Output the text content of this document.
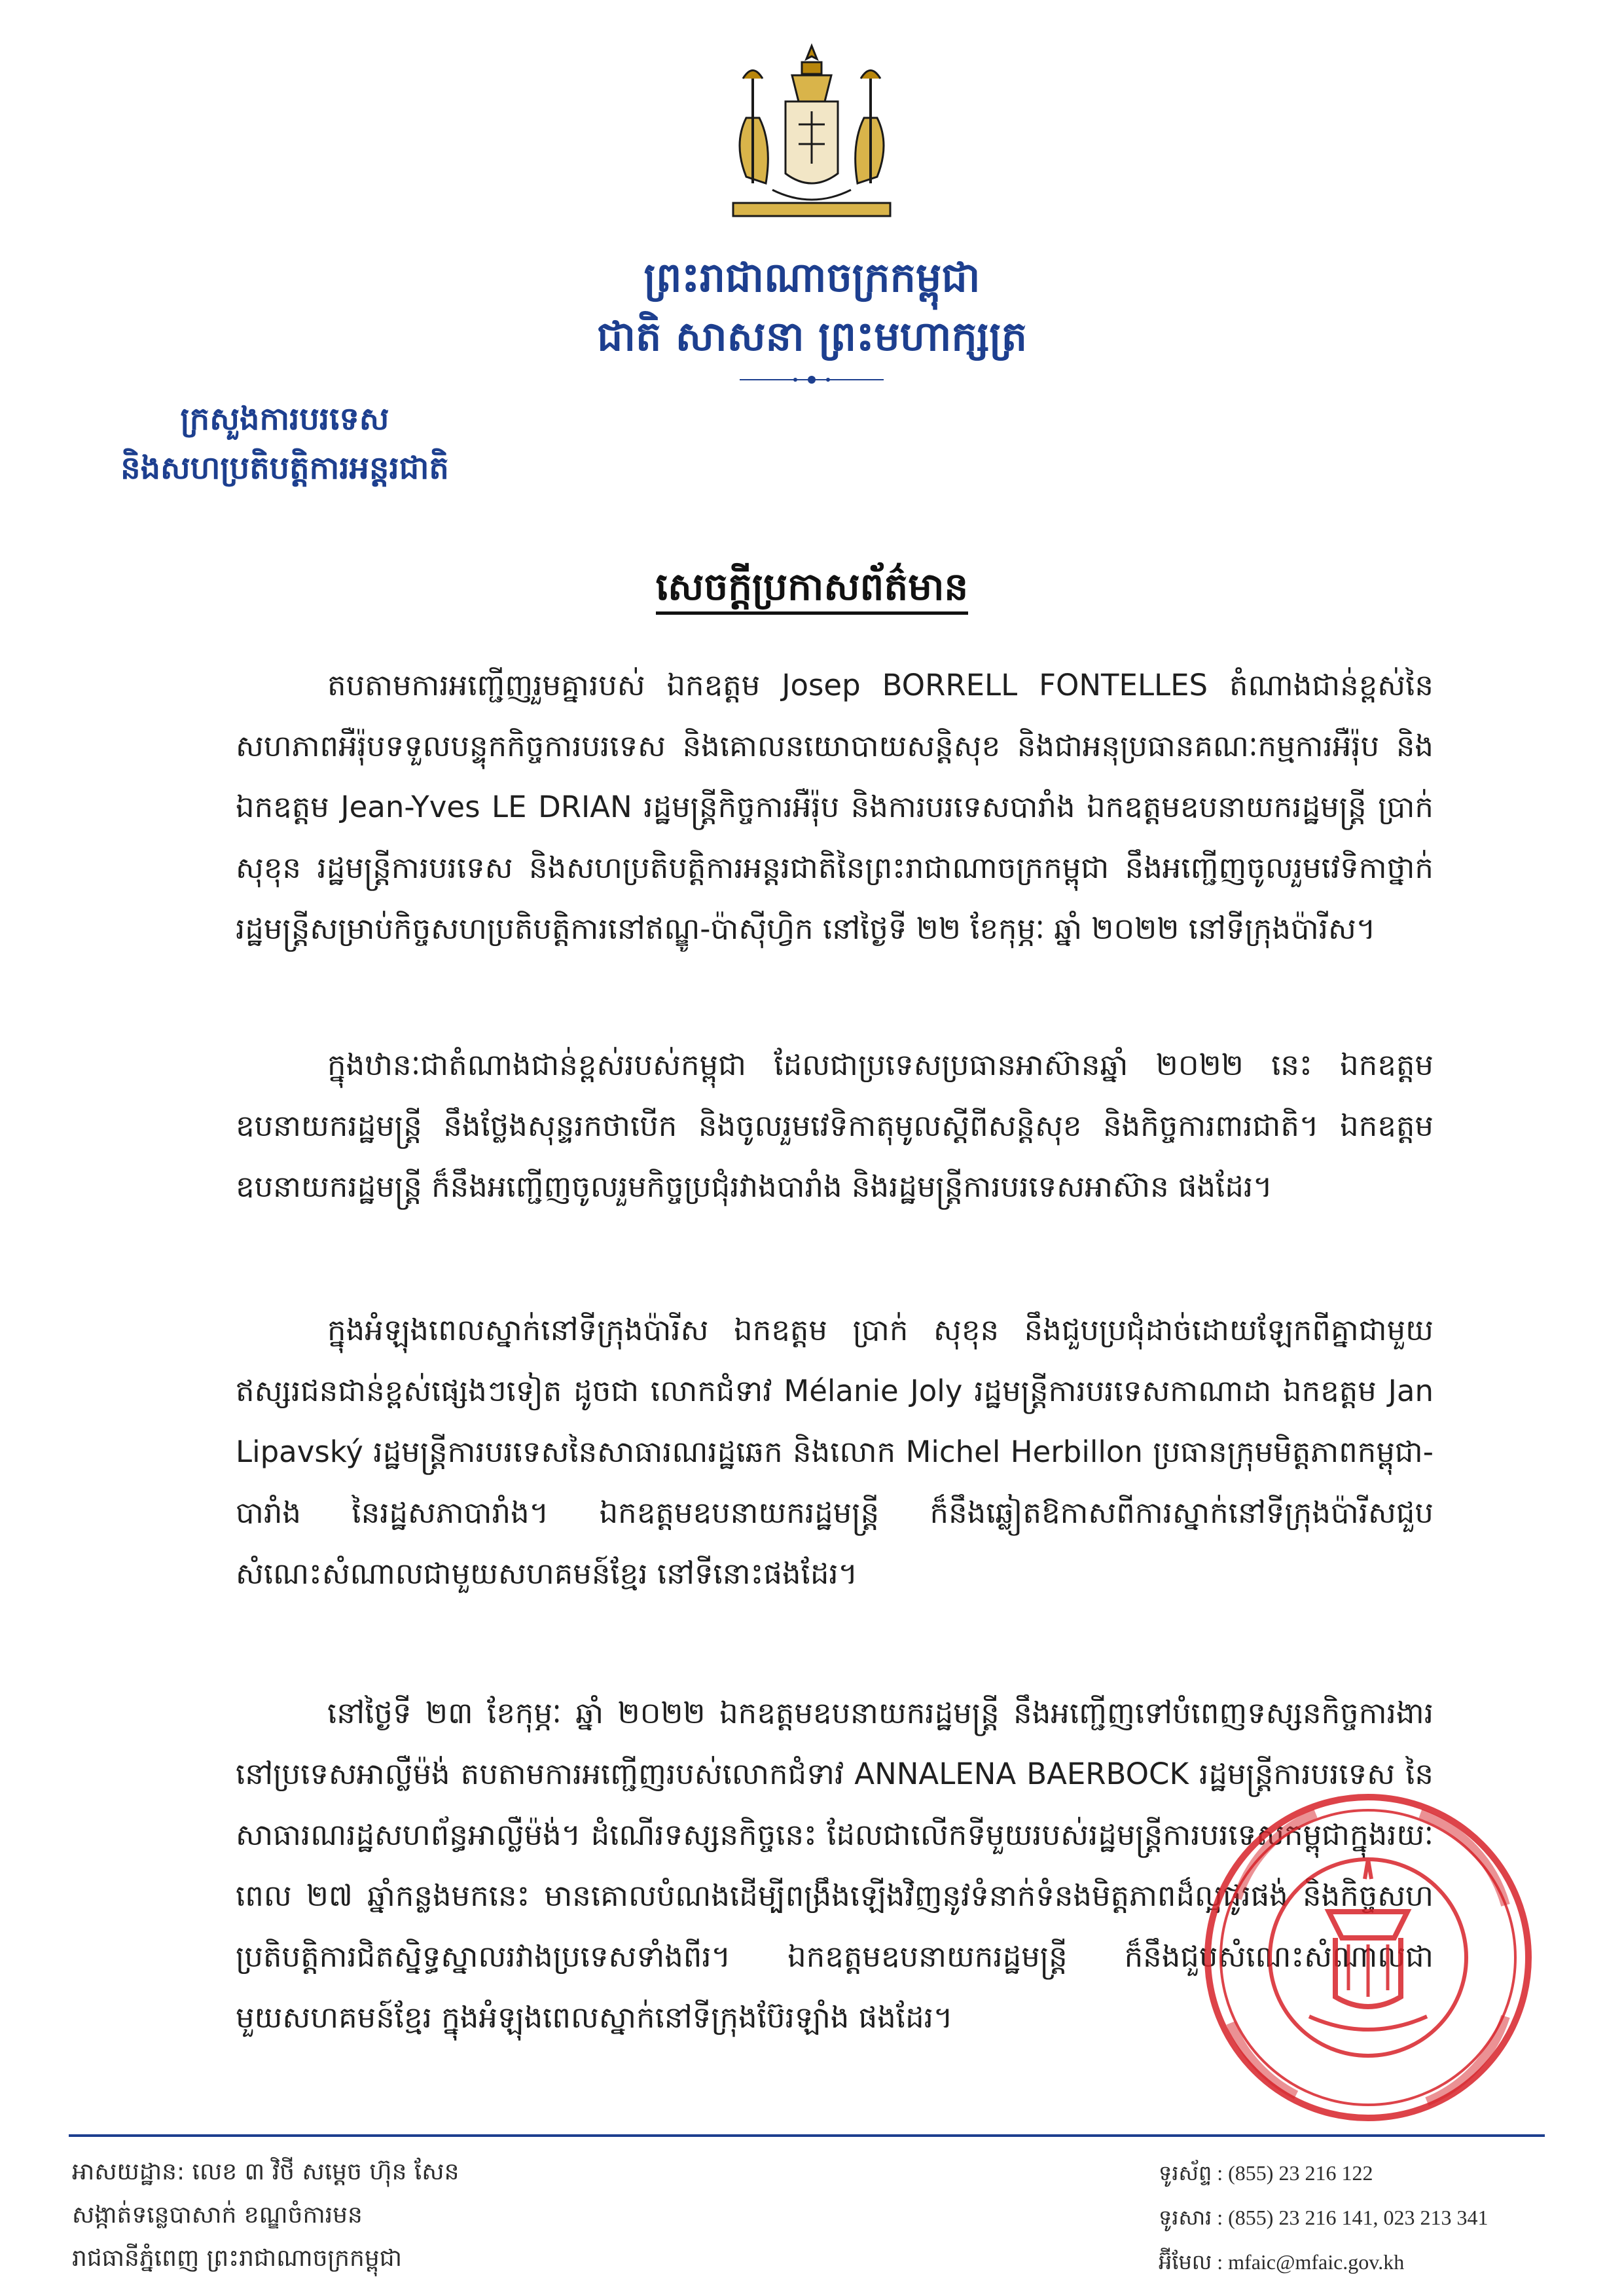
ព្រះរាជាណាចក្រកម្ពុជា
ជាតិ សាសនា ព្រះមហាក្សត្រ
ក្រសួងការបរទេស
និងសហប្រតិបត្តិការអន្តរជាតិ
សេចក្តីប្រកាសព័ត៌មាន
តបតាមការអញ្ជើញរួមគ្នារបស់ ឯកឧត្តម Josep BORRELL FONTELLES តំណាងជាន់ខ្ពស់នៃសហភាពអឺរ៉ុបទទួលបន្ទុកកិច្ចការបរទេស និងគោលនយោបាយសន្តិសុខ និងជាអនុប្រធានគណៈកម្មការអឺរ៉ុប និងឯកឧត្តម Jean-Yves LE DRIAN រដ្ឋមន្ត្រីកិច្ចការអឺរ៉ុប និងការបរទេសបារាំង ឯកឧត្តមឧបនាយករដ្ឋមន្ត្រី ប្រាក់ សុខុន រដ្ឋមន្ត្រីការបរទេស និងសហប្រតិបត្តិការអន្តរជាតិនៃព្រះរាជាណាចក្រកម្ពុជា នឹងអញ្ជើញចូលរួមវេទិកាថ្នាក់រដ្ឋមន្ត្រីសម្រាប់កិច្ចសហប្រតិបត្តិការនៅឥណ្ឌូ-ប៉ាស៊ីហ្វិក នៅថ្ងៃទី ២២ ខែកុម្ភៈ ឆ្នាំ ២០២២ នៅទីក្រុងប៉ារីស។
ក្នុងឋានៈជាតំណាងជាន់ខ្ពស់របស់កម្ពុជា ដែលជាប្រទេសប្រធានអាស៊ានឆ្នាំ ២០២២ នេះ ឯកឧត្តមឧបនាយករដ្ឋមន្ត្រី នឹងថ្លែងសុន្ទរកថាបើក និងចូលរួមវេទិកាតុមូលស្តីពីសន្តិសុខ និងកិច្ចការពារជាតិ។ ឯកឧត្តមឧបនាយករដ្ឋមន្ត្រី ក៏នឹងអញ្ជើញចូលរួមកិច្ចប្រជុំរវាងបារាំង និងរដ្ឋមន្ត្រីការបរទេសអាស៊ាន ផងដែរ។
ក្នុងអំឡុងពេលស្នាក់នៅទីក្រុងប៉ារីស ឯកឧត្តម ប្រាក់ សុខុន នឹងជួបប្រជុំដាច់ដោយឡែកពីគ្នាជាមួយឥស្សរជនជាន់ខ្ពស់ផ្សេងៗទៀត ដូចជា លោកជំទាវ Mélanie Joly រដ្ឋមន្ត្រីការបរទេសកាណាដា ឯកឧត្តម Jan Lipavský រដ្ឋមន្ត្រីការបរទេសនៃសាធារណរដ្ឋឆេក និងលោក Michel Herbillon ប្រធានក្រុមមិត្តភាពកម្ពុជា-បារាំង នៃរដ្ឋសភាបារាំង។ ឯកឧត្តមឧបនាយករដ្ឋមន្ត្រី ក៏នឹងឆ្លៀតឱកាសពីការស្នាក់នៅទីក្រុងប៉ារីសជួបសំណេះសំណាលជាមួយសហគមន៍ខ្មែរ នៅទីនោះផងដែរ។
នៅថ្ងៃទី ២៣ ខែកុម្ភៈ ឆ្នាំ ២០២២ ឯកឧត្តមឧបនាយករដ្ឋមន្ត្រី នឹងអញ្ជើញទៅបំពេញទស្សនកិច្ចការងារនៅប្រទេសអាល្លឺម៉ង់ តបតាមការអញ្ជើញរបស់លោកជំទាវ ANNALENA BAERBOCK រដ្ឋមន្ត្រីការបរទេស នៃសាធារណរដ្ឋសហព័ន្ធអាល្លឺម៉ង់។ ដំណើរទស្សនកិច្ចនេះ ដែលជាលើកទីមួយរបស់រដ្ឋមន្ត្រីការបរទេសកម្ពុជាក្នុងរយៈពេល ២៧ ឆ្នាំកន្លងមកនេះ មានគោលបំណងដើម្បីពង្រឹងឡើងវិញនូវទំនាក់ទំនងមិត្តភាពដ៏ល្អផូរផង់ និងកិច្ចសហប្រតិបត្តិការជិតស្និទ្ធស្នាលរវាងប្រទេសទាំងពីរ។ ឯកឧត្តមឧបនាយករដ្ឋមន្ត្រី ក៏នឹងជួបសំណេះសំណាលជាមួយសហគមន៍ខ្មែរ ក្នុងអំឡុងពេលស្នាក់នៅទីក្រុងប៊ែរឡាំង ផងដែរ។
អាសយដ្ឋាន: លេខ ៣ វិថី សម្តេច ហ៊ុន សែន
សង្កាត់ទន្លេបាសាក់ ខណ្ឌចំការមន
រាជធានីភ្នំពេញ ព្រះរាជាណាចក្រកម្ពុជា
ទូរស័ព្ទ : (855) 23 216 122
ទូរសារ : (855) 23 216 141, 023 213 341
អ៊ីមែល : mfaic@mfaic.gov.kh
